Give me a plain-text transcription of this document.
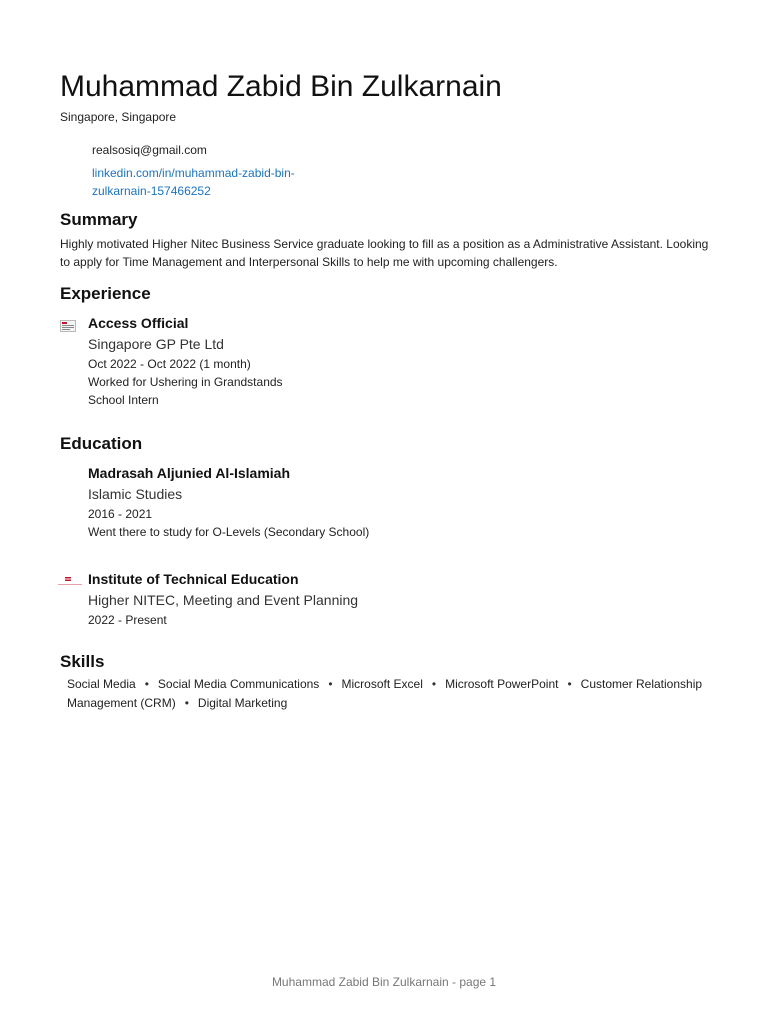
Muhammad Zabid Bin Zulkarnain
Singapore, Singapore
realsosiq@gmail.com
linkedin.com/in/muhammad-zabid-bin-zulkarnain-157466252
Summary
Highly motivated Higher Nitec Business Service graduate looking to fill as a position as a Administrative Assistant. Looking to apply for Time Management and Interpersonal Skills to help me with upcoming challengers.
Experience
Access Official
Singapore GP Pte Ltd
Oct 2022 - Oct 2022 (1 month)
Worked for Ushering in Grandstands
School Intern
Education
Madrasah Aljunied Al-Islamiah
Islamic Studies
2016 - 2021
Went there to study for O-Levels (Secondary School)
Institute of Technical Education
Higher NITEC, Meeting and Event Planning
2022 - Present
Skills
Social Media • Social Media Communications • Microsoft Excel • Microsoft PowerPoint • Customer Relationship Management (CRM) • Digital Marketing
Muhammad Zabid Bin Zulkarnain - page 1
